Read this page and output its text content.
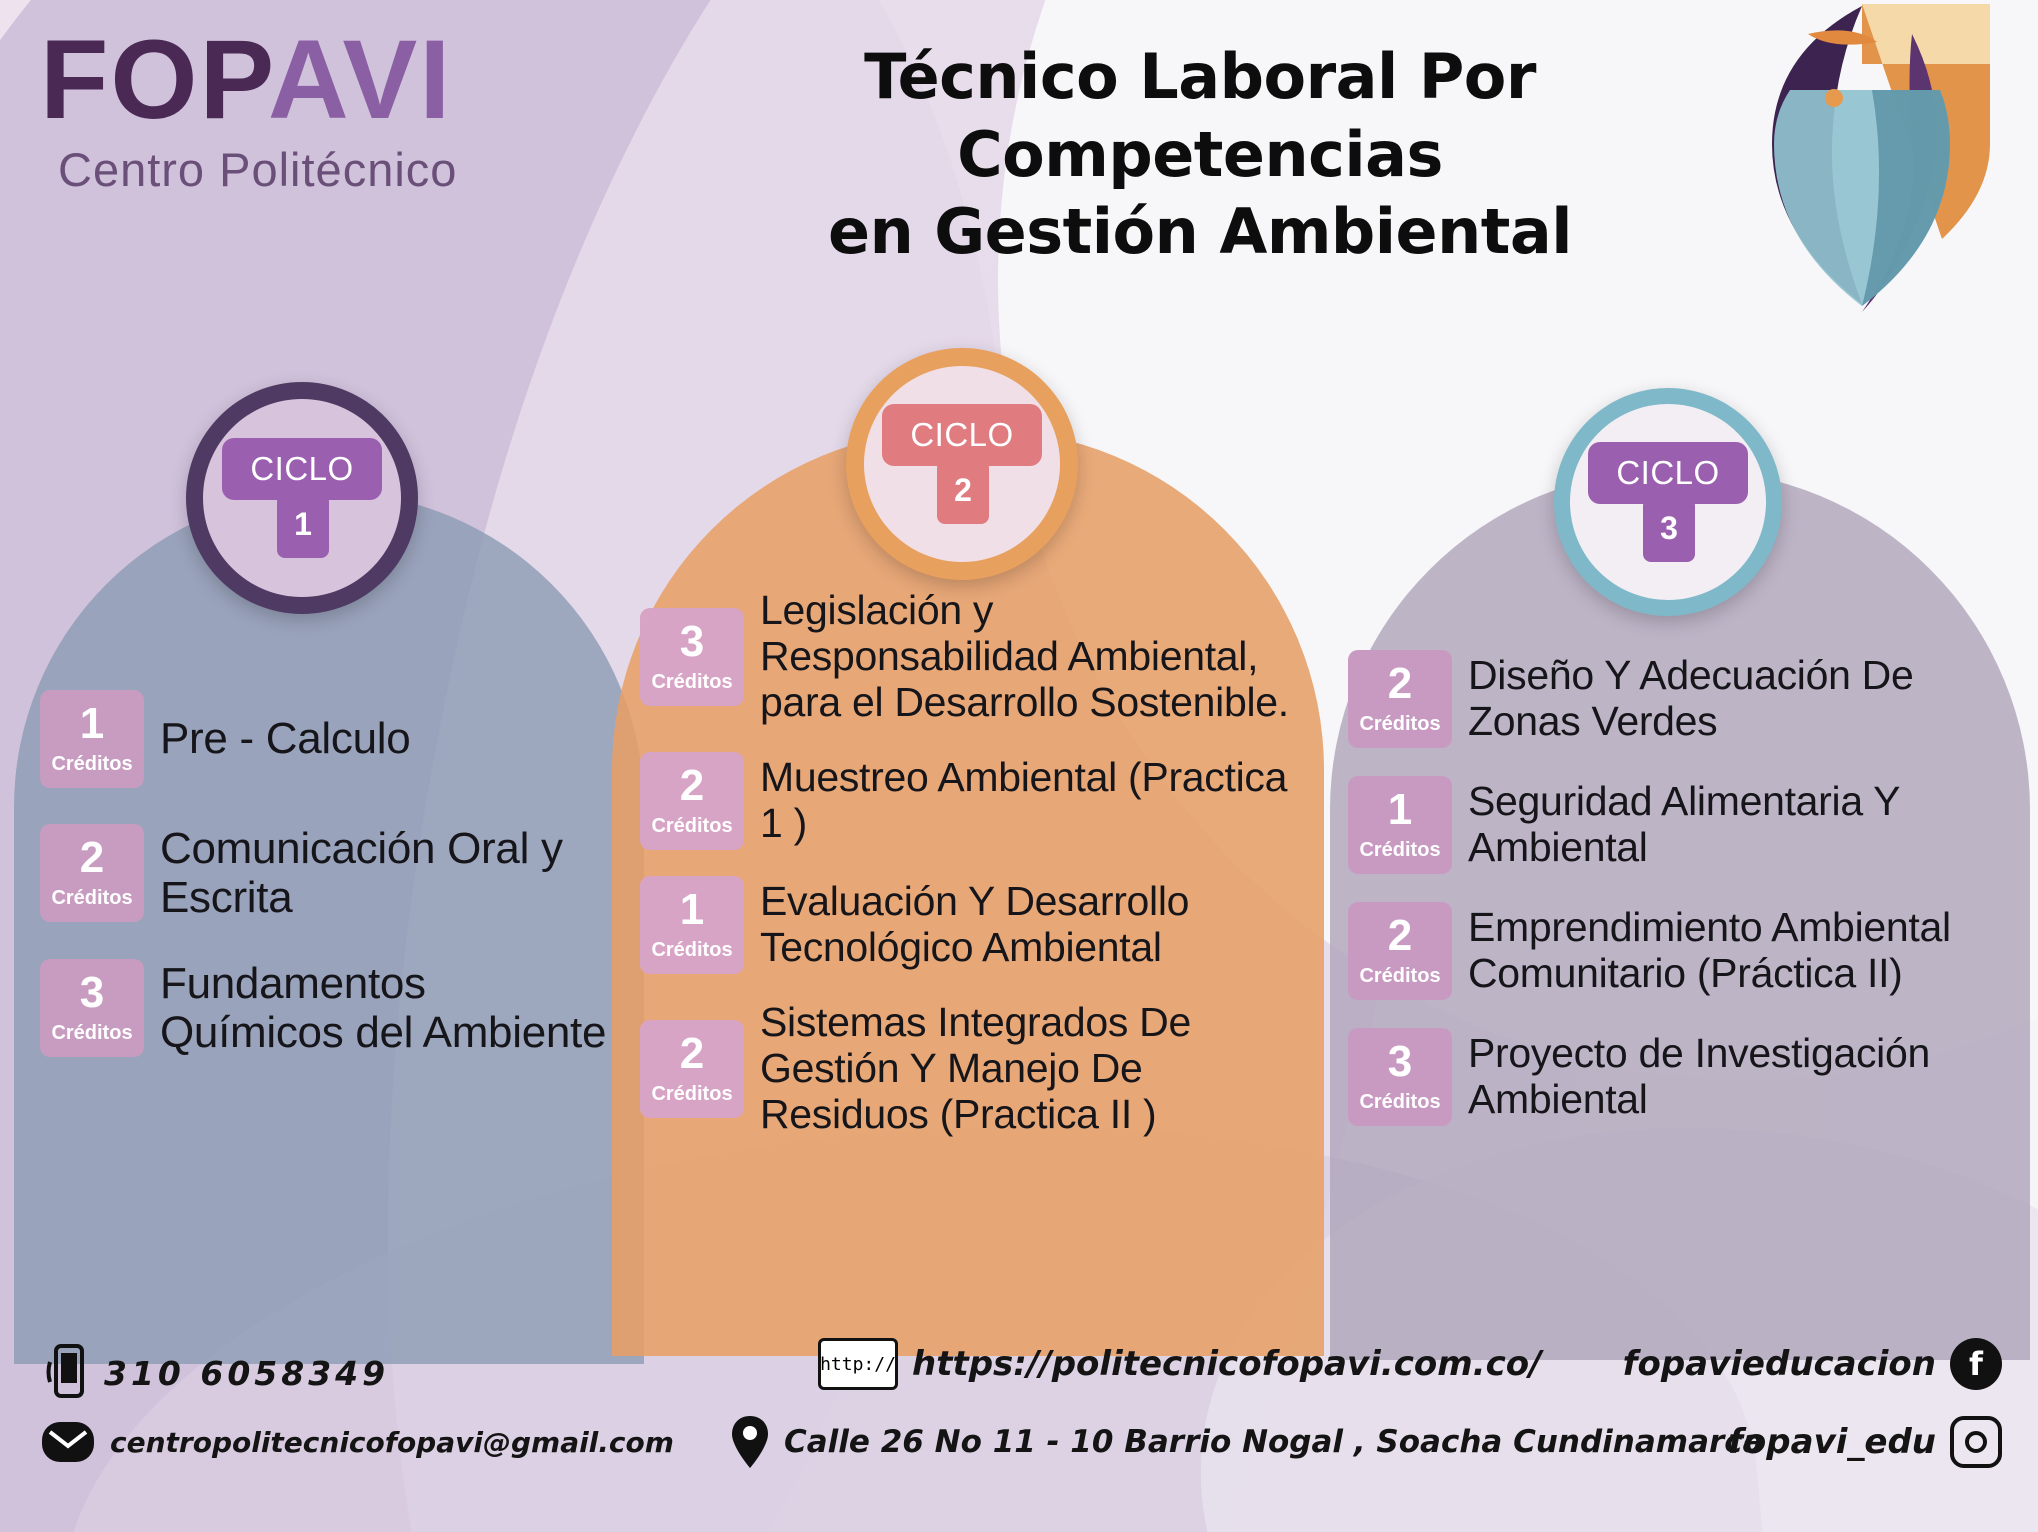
FOPAVI
Centro Politécnico
Técnico Laboral Por Competencias
en Gestión Ambiental
CICLO
1
1
Créditos
Pre - Calculo
2
Créditos
Comunicación Oral y Escrita
3
Créditos
Fundamentos Químicos del Ambiente
CICLO
2
3
Créditos
Legislación y Responsabilidad Ambiental, para el Desarrollo Sostenible.
2
Créditos
Muestreo Ambiental (Practica 1 )
1
Créditos
Evaluación Y Desarrollo Tecnológico Ambiental
2
Créditos
Sistemas Integrados De Gestión Y Manejo De Residuos (Practica II )
CICLO
3
2
Créditos
Diseño Y Adecuación De Zonas Verdes
1
Créditos
Seguridad Alimentaria Y Ambiental
2
Créditos
Emprendimiento Ambiental Comunitario (Práctica II)
3
Créditos
Proyecto de Investigación Ambiental
310 6058349
centropolitecnicofopavi@gmail.com
http:// https://politecnicofopavi.com.co/
Calle 26 No 11 - 10 Barrio Nogal , Soacha Cundinamarca
fopavieducacion	f
fopavi_edu
